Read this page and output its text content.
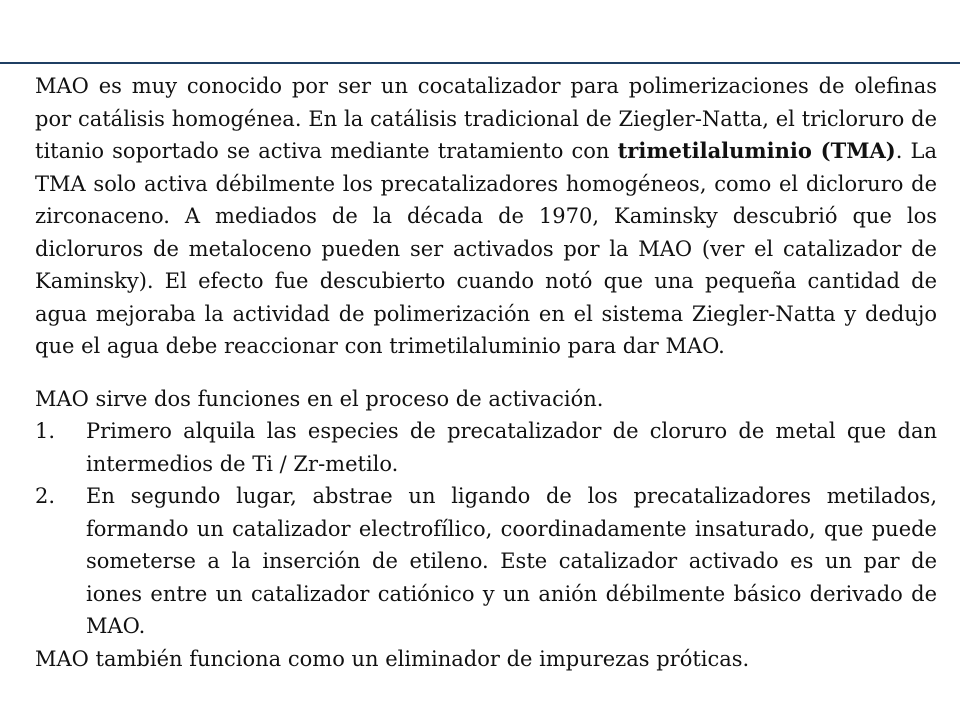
MAO es muy conocido por ser un cocatalizador para polimerizaciones de olefinas por catálisis homogénea. En la catálisis tradicional de Ziegler-Natta, el tricloruro de titanio soportado se activa mediante tratamiento con trimetilaluminio (TMA). La TMA solo activa débilmente los precatalizadores homogéneos, como el dicloruro de zirconaceno. A mediados de la década de 1970, Kaminsky descubrió que los dicloruros de metaloceno pueden ser activados por la MAO (ver el catalizador de Kaminsky). El efecto fue descubierto cuando notó que una pequeña cantidad de agua mejoraba la actividad de polimerización en el sistema Ziegler-Natta y dedujo que el agua debe reaccionar con trimetilaluminio para dar MAO.

MAO sirve dos funciones en el proceso de activación.

1.	Primero alquila las especies de precatalizador de cloruro de metal que dan intermedios de Ti / Zr-metilo.
2.	En segundo lugar, abstrae un ligando de los precatalizadores metilados, formando un catalizador electrofílico, coordinadamente insaturado, que puede someterse a la inserción de etileno. Este catalizador activado es un par de iones entre un catalizador catiónico y un anión débilmente básico derivado de MAO.

MAO también funciona como un eliminador de impurezas próticas.
